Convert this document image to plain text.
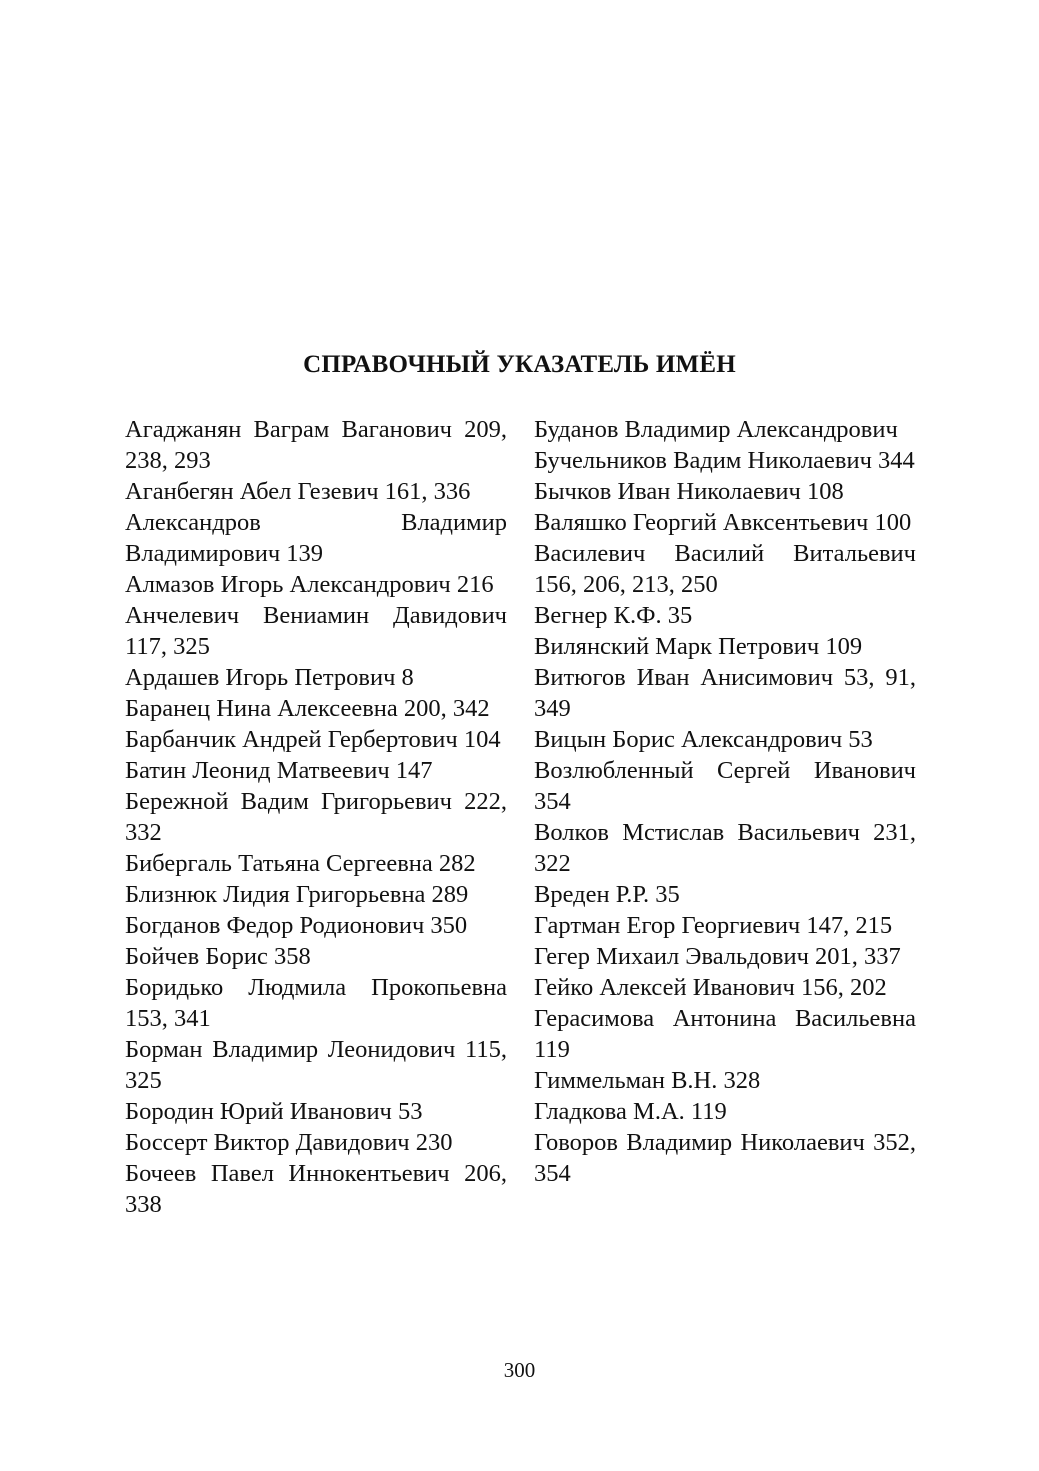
СПРАВОЧНЫЙ УКАЗАТЕЛЬ ИМЁН

Агаджанян Ваграм Ваганович 209, 238, 293

Аганбегян Абел Гезевич 161, 336

Александров Владимир Владимирович 139

Алмазов Игорь Александрович 216

Анчелевич Вениамин Давидович 117, 325

Ардашев Игорь Петрович 8

Баранец Нина Алексеевна 200, 342

Барбанчик Андрей Гербертович 104

Батин Леонид Матвеевич 147

Бережной Вадим Григорьевич 222, 332

Бибергаль Татьяна Сергеевна 282

Близнюк Лидия Григорьевна 289

Богданов Федор Родионович 350

Бойчев Борис 358

Боридько Людмила Прокопьевна 153, 341

Борман Владимир Леонидович 115, 325

Бородин Юрий Иванович 53

Боссерт Виктор Давидович 230

Бочеев Павел Иннокентьевич 206, 338

Буданов Владимир Александрович

Бучельников Вадим Николаевич 344

Бычков Иван Николаевич 108

Валяшко Георгий Авксентьевич 100

Василевич Василий Витальевич 156, 206, 213, 250

Вегнер К.Ф. 35

Вилянский Марк Петрович 109

Витюгов Иван Анисимович 53, 91, 349

Вицын Борис Александрович 53

Возлюбленный Сергей Иванович 354

Волков Мстислав Васильевич 231, 322

Вреден Р.Р. 35

Гартман Егор Георгиевич 147, 215

Гегер Михаил Эвальдович 201, 337

Гейко Алексей Иванович 156, 202

Герасимова Антонина Васильевна 119

Гиммельман В.Н. 328

Гладкова М.А. 119

Говоров Владимир Николаевич 352, 354

300
